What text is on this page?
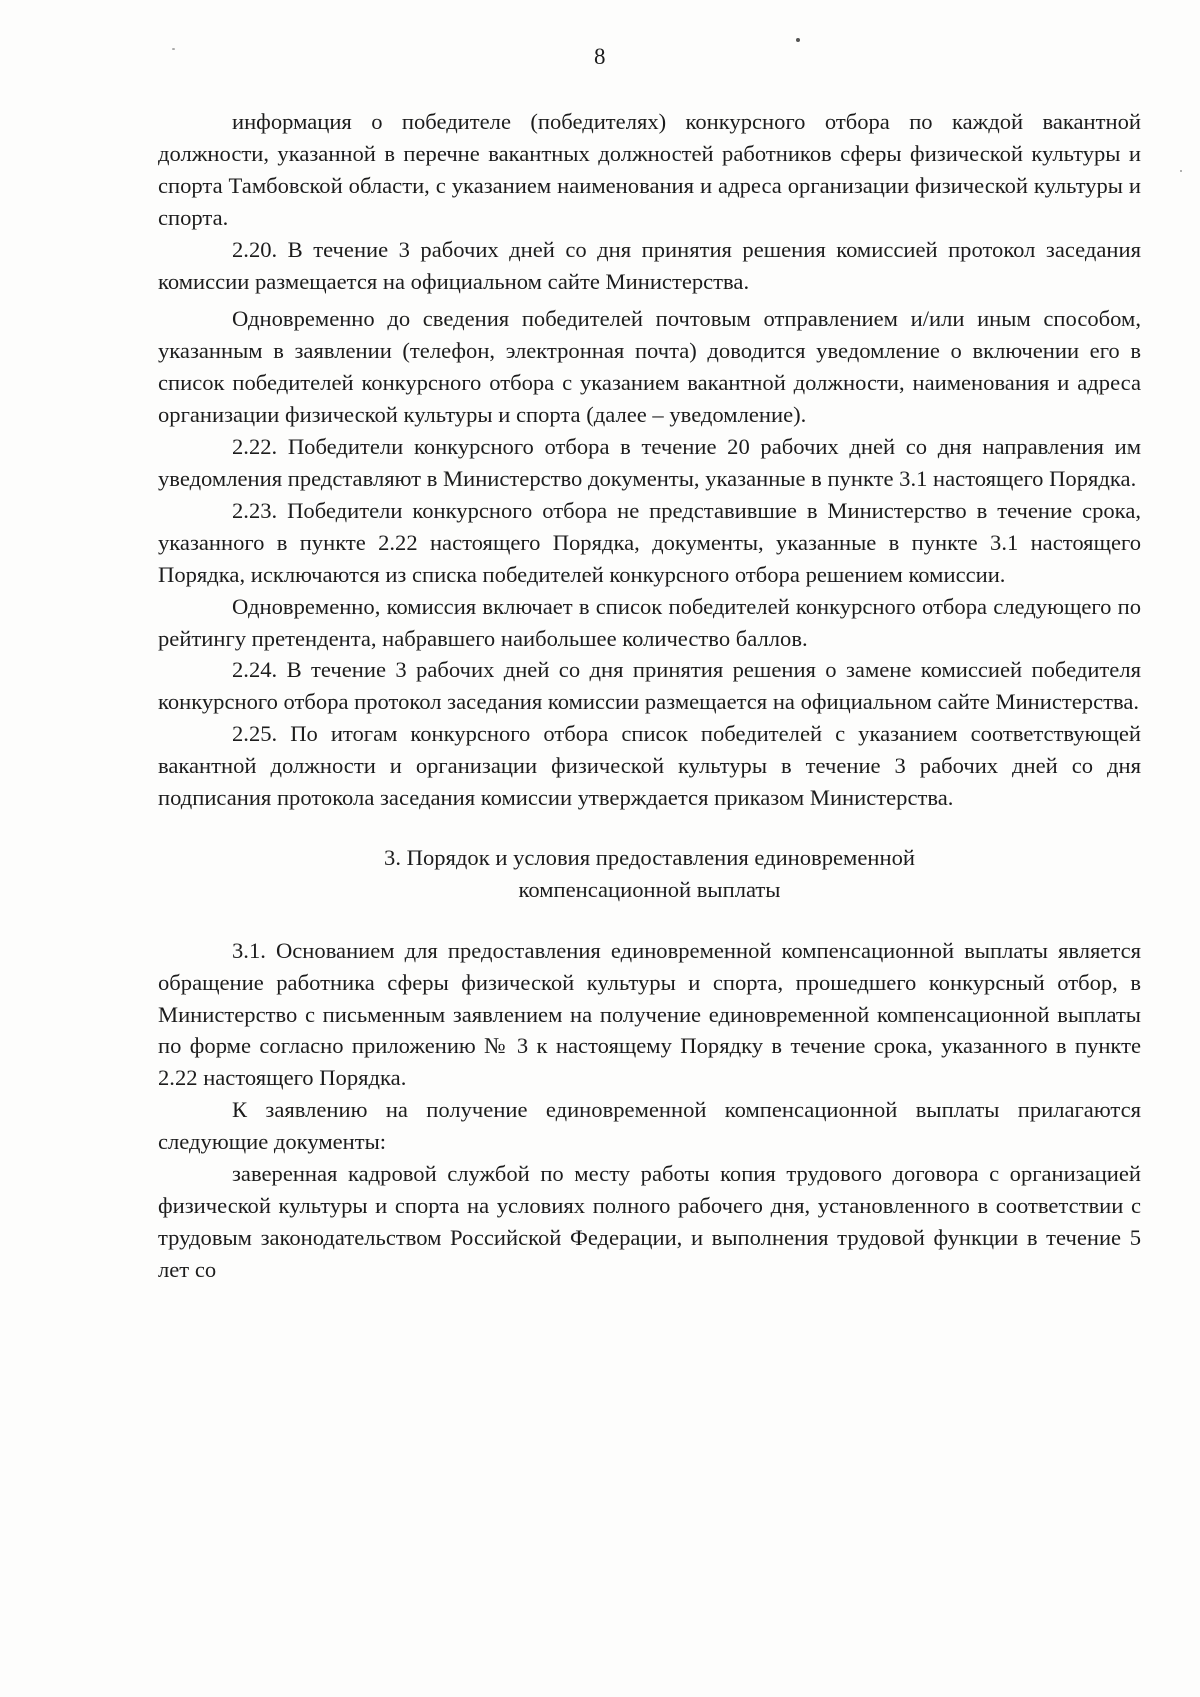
8

информация о победителе (победителях) конкурсного отбора по каждой вакантной должности, указанной в перечне вакантных должностей работников сферы физической культуры и спорта Тамбовской области, с указанием наименования и адреса организации физической культуры и спорта.

2.20. В течение 3 рабочих дней со дня принятия решения комиссией протокол заседания комиссии размещается на официальном сайте Министерства.

Одновременно до сведения победителей почтовым отправлением и/или иным способом, указанным в заявлении (телефон, электронная почта) доводится уведомление о включении его в список победителей конкурсного отбора с указанием вакантной должности, наименования и адреса организации физической культуры и спорта (далее – уведомление).

2.22. Победители конкурсного отбора в течение 20 рабочих дней со дня направления им уведомления представляют в Министерство документы, указанные в пункте 3.1 настоящего Порядка.

2.23. Победители конкурсного отбора не представившие в Министерство в течение срока, указанного в пункте 2.22 настоящего Порядка, документы, указанные в пункте 3.1 настоящего Порядка, исключаются из списка победителей конкурсного отбора решением комиссии.

Одновременно, комиссия включает в список победителей конкурсного отбора следующего по рейтингу претендента, набравшего наибольшее количество баллов.

2.24. В течение 3 рабочих дней со дня принятия решения о замене комиссией победителя конкурсного отбора протокол заседания комиссии размещается на официальном сайте Министерства.

2.25. По итогам конкурсного отбора список победителей с указанием соответствующей вакантной должности и организации физической культуры в течение 3 рабочих дней со дня подписания протокола заседания комиссии утверждается приказом Министерства.

3. Порядок и условия предоставления единовременной
компенсационной выплаты

3.1. Основанием для предоставления единовременной компенсационной выплаты является обращение работника сферы физической культуры и спорта, прошедшего конкурсный отбор, в Министерство с письменным заявлением на получение единовременной компенсационной выплаты по форме согласно приложению № 3 к настоящему Порядку в течение срока, указанного в пункте 2.22 настоящего Порядка.

К заявлению на получение единовременной компенсационной выплаты прилагаются следующие документы:

заверенная кадровой службой по месту работы копия трудового договора с организацией физической культуры и спорта на условиях полного рабочего дня, установленного в соответствии с трудовым законодательством Российской Федерации, и выполнения трудовой функции в течение 5 лет со
